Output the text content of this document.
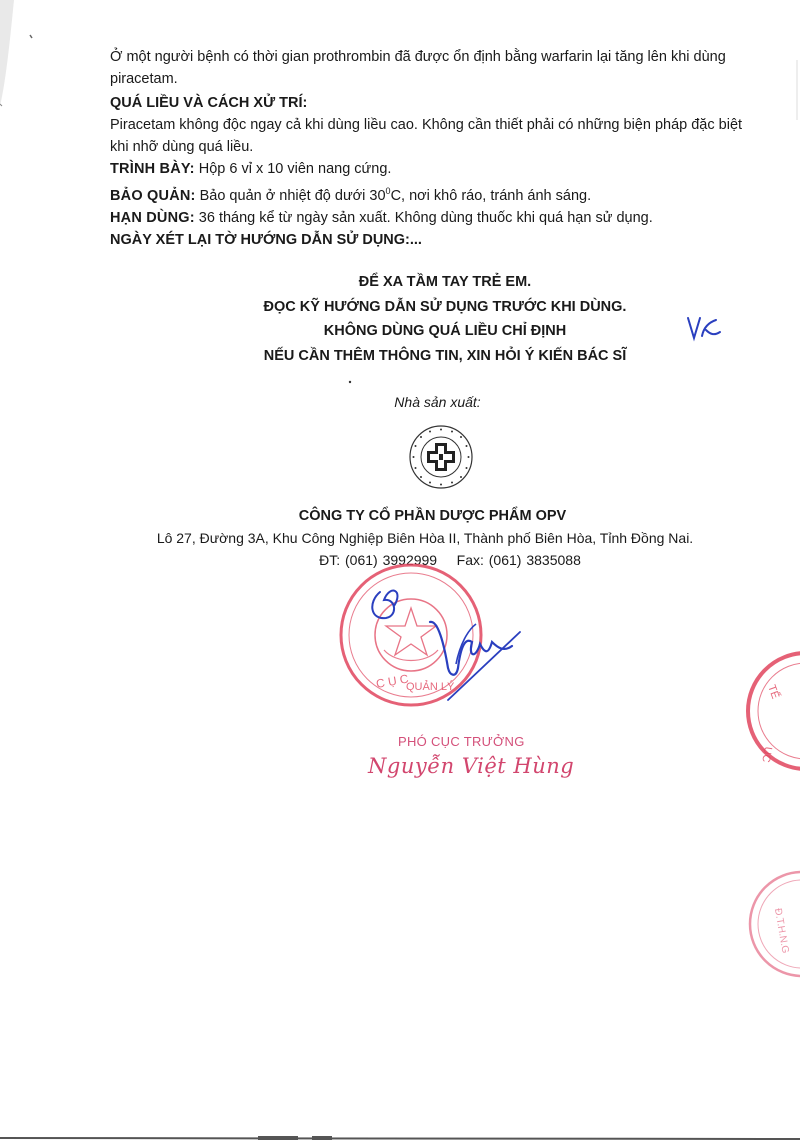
Ở một người bệnh có thời gian prothrombin đã được ổn định bằng warfarin lại tăng lên khi dùng piracetam.

QUÁ LIỀU VÀ CÁCH XỬ TRÍ:

Piracetam không độc ngay cả khi dùng liều cao. Không cần thiết phải có những biện pháp đặc biệt khi nhỡ dùng quá liều.

TRÌNH BÀY: Hộp 6 vỉ x 10 viên nang cứng.

BẢO QUẢN: Bảo quản ở nhiệt độ dưới $30^0C$, nơi khô ráo, tránh ánh sáng.

HẠN DÙNG: 36 tháng kể từ ngày sản xuất. Không dùng thuốc khi quá hạn sử dụng.

NGÀY XÉT LẠI TỜ HƯỚNG DẪN SỬ DỤNG:...

ĐỂ XA TẦM TAY TRẺ EM.
ĐỌC KỸ HƯỚNG DẪN SỬ DỤNG TRƯỚC KHI DÙNG.
KHÔNG DÙNG QUÁ LIỀU CHỈ ĐỊNH
NẾU CẦN THÊM THÔNG TIN, XIN HỎI Ý KIẾN BÁC SĨ
Nhà sản xuất:
CÔNG TY CỔ PHẦN DƯỢC PHẨM OPV
Lô 27, Đường 3A, Khu Công Nghiệp Biên Hòa II, Thành phố Biên Hòa, Tỉnh Đồng Nai.
ĐT: (061) 3992999 Fax: (061) 3835088
C Ụ C
QUẢN LÝ
PHÓ CỤC TRƯỞNG
Nguyễn Việt Hùng
TẾ
ỤC
Đ.T.H.N.G
